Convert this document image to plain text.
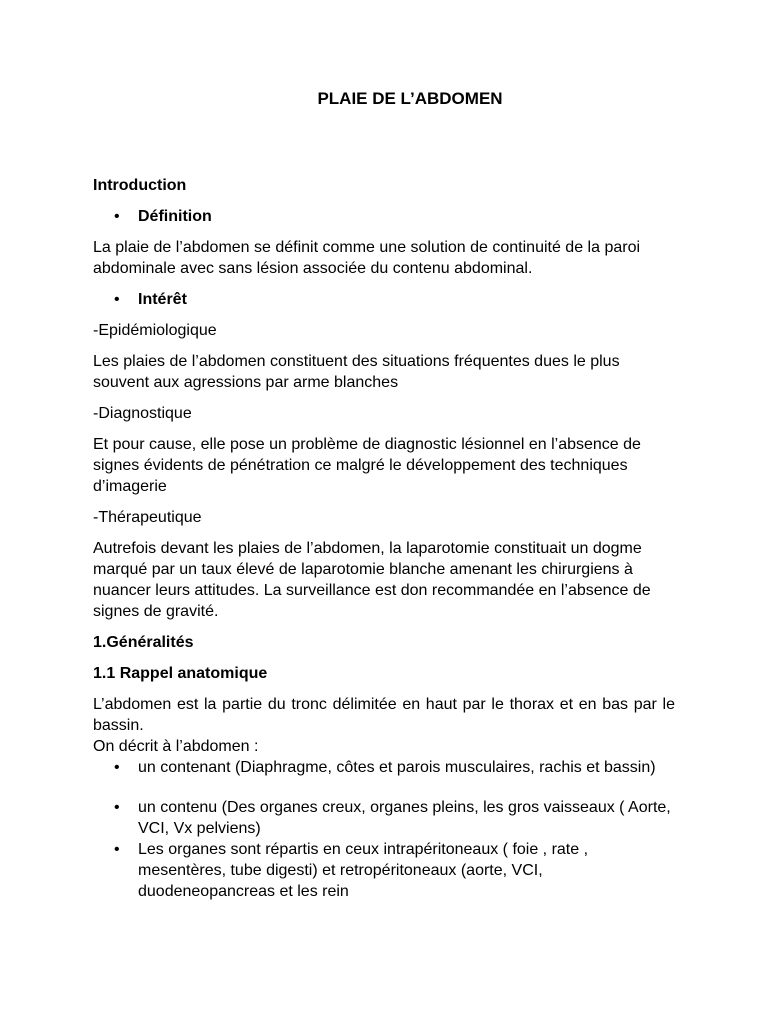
PLAIE DE L’ABDOMEN

Introduction

• Définition

La plaie de l’abdomen se définit comme une solution de continuité de la paroi abdominale avec sans lésion associée du contenu abdominal.

• Intérêt

-Epidémiologique

Les plaies de l’abdomen constituent des situations fréquentes dues le plus souvent aux agressions par arme blanches

-Diagnostique

Et pour cause, elle pose un problème de diagnostic lésionnel en l’absence de signes évidents de pénétration ce malgré le développement des techniques d’imagerie

-Thérapeutique

Autrefois devant les plaies de l’abdomen, la laparotomie constituait un dogme marqué par un taux élevé de laparotomie blanche amenant les chirurgiens à nuancer leurs attitudes. La surveillance est don recommandée en l’absence de signes de gravité.

1.Généralités

1.1 Rappel anatomique

L’abdomen est la partie du tronc délimitée en haut par le thorax et en bas par le bassin.

On décrit à l’abdomen :

• un contenant (Diaphragme, côtes et parois musculaires, rachis et bassin)
• un contenu (Des organes creux, organes pleins, les gros vaisseaux ( Aorte, VCI, Vx pelviens)
• Les organes sont répartis en ceux intrapéritoneaux ( foie , rate , mesentères, tube digesti) et retropéritoneaux (aorte, VCI, duodeneopancreas et les rein
